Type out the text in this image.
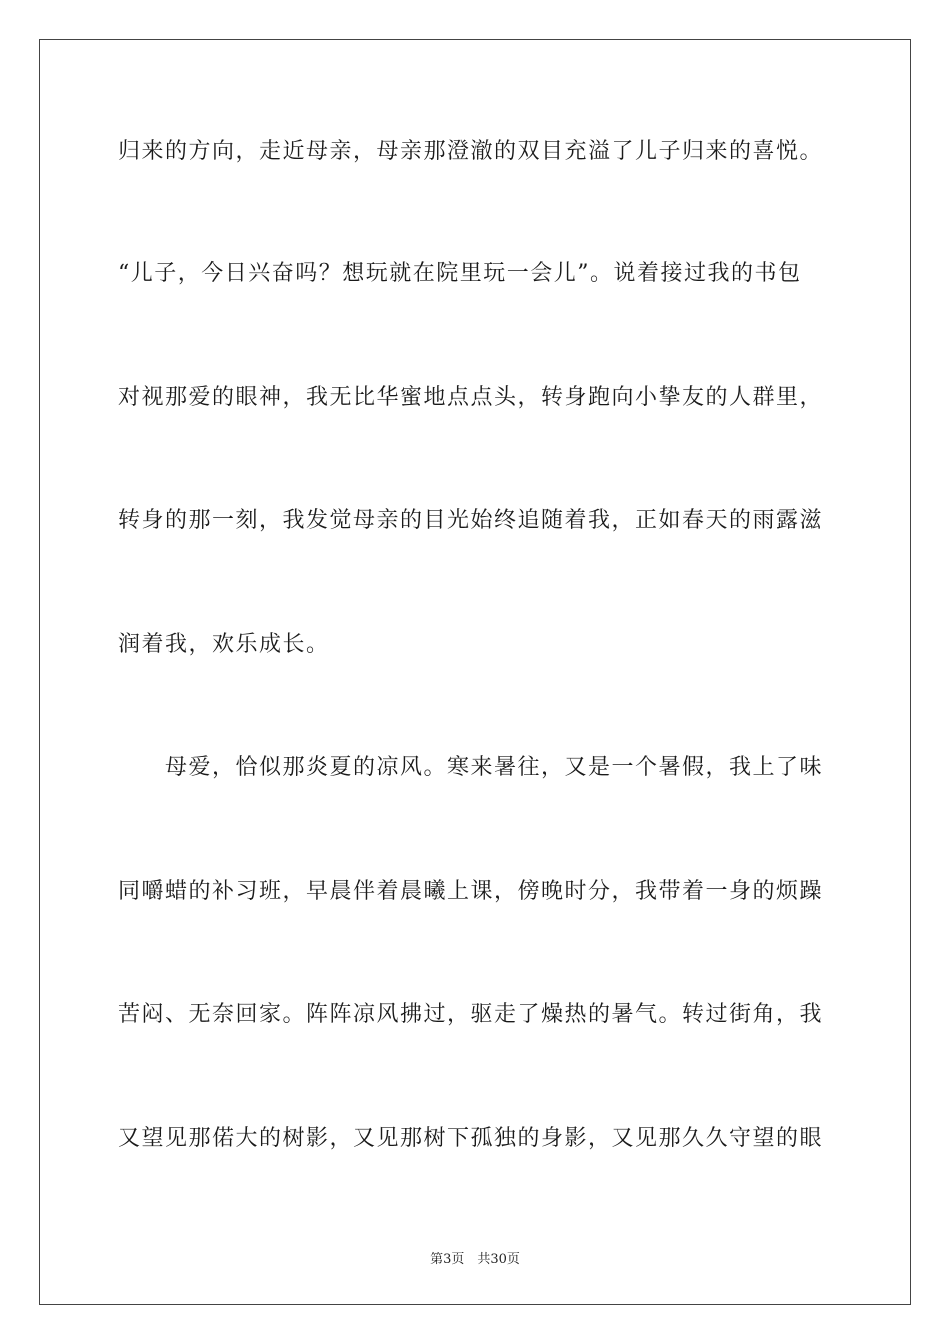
归来的方向，走近母亲，母亲那澄澈的双目充溢了儿子归来的喜悦。
“儿子，今日兴奋吗？想玩就在院里玩一会儿”。说着接过我的书包
对视那爱的眼神，我无比华蜜地点点头，转身跑向小挚友的人群里，
转身的那一刻，我发觉母亲的目光始终追随着我，正如春天的雨露滋
润着我，欢乐成长。
　　母爱，恰似那炎夏的凉风。寒来暑往，又是一个暑假，我上了味
同嚼蜡的补习班，早晨伴着晨曦上课，傍晚时分，我带着一身的烦躁
苦闷、无奈回家。阵阵凉风拂过，驱走了燥热的暑气。转过街角，我
又望见那偌大的树影，又见那树下孤独的身影，又见那久久守望的眼
第3页　共30页
